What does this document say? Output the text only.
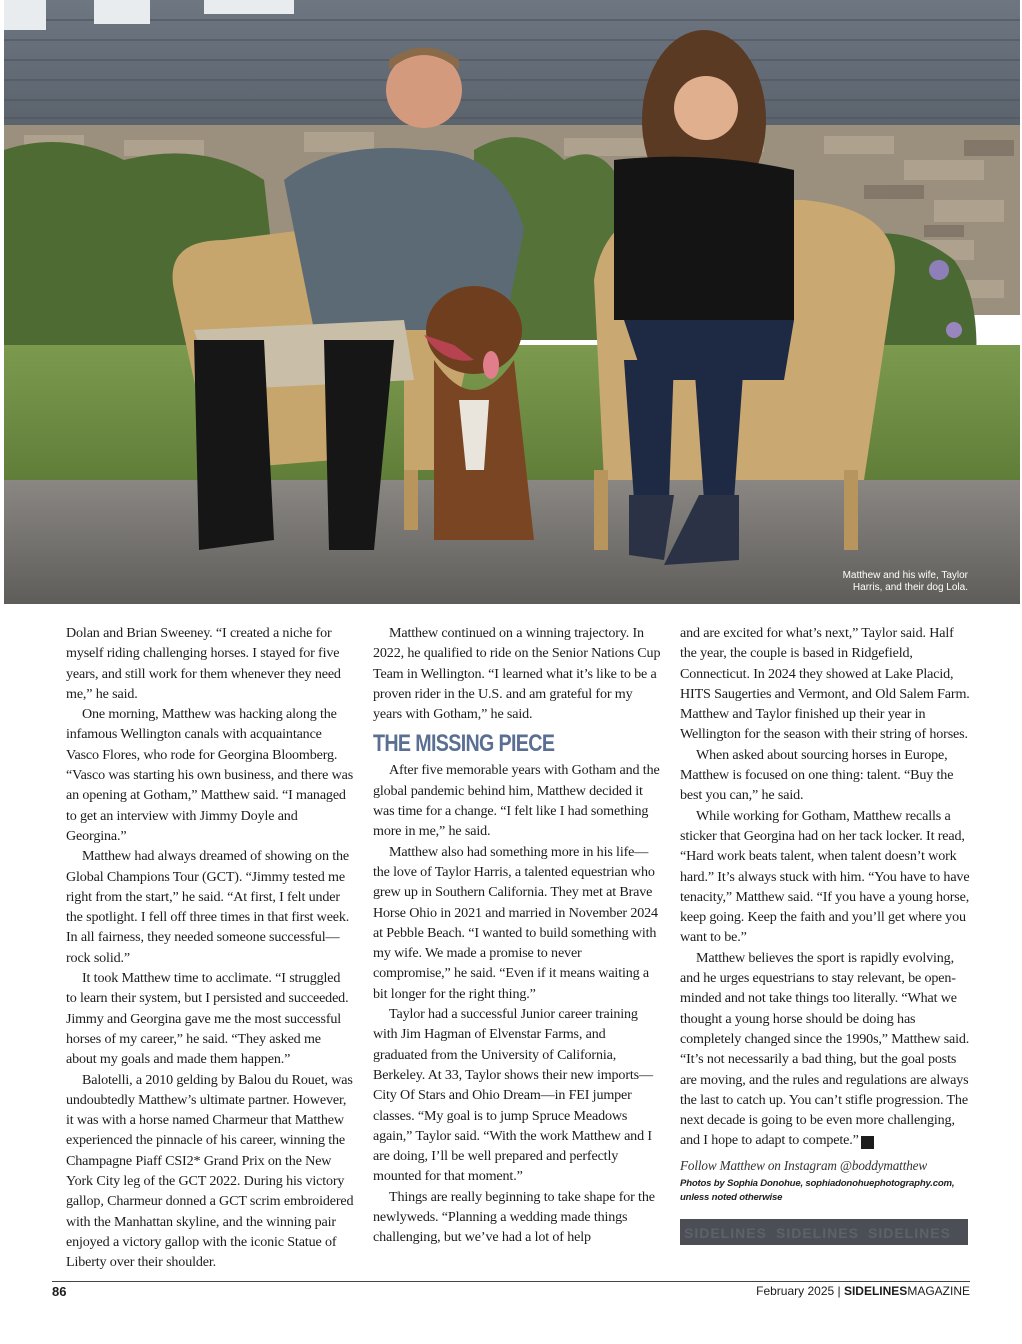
Matthew and his wife, Taylor Harris, and their dog Lola.

Dolan and Brian Sweeney. “I created a niche for myself riding challenging horses. I stayed for five years, and still work for them whenever they need me,” he said.

One morning, Matthew was hacking along the infamous Wellington canals with acquaintance Vasco Flores, who rode for Georgina Bloomberg. “Vasco was starting his own business, and there was an opening at Gotham,” Matthew said. “I managed to get an interview with Jimmy Doyle and Georgina.”

Matthew had always dreamed of showing on the Global Champions Tour (GCT). “Jimmy tested me right from the start,” he said. “At first, I felt under the spotlight. I fell off three times in that first week. In all fairness, they needed someone successful—rock solid.”

It took Matthew time to acclimate. “I struggled to learn their system, but I persisted and succeeded. Jimmy and Georgina gave me the most successful horses of my career,” he said. “They asked me about my goals and made them happen.”

Balotelli, a 2010 gelding by Balou du Rouet, was undoubtedly Matthew’s ultimate partner. However, it was with a horse named Charmeur that Matthew experienced the pinnacle of his career, winning the Champagne Piaff CSI2* Grand Prix on the New York City leg of the GCT 2022. During his victory gallop, Charmeur donned a GCT scrim embroidered with the Manhattan skyline, and the winning pair enjoyed a victory gallop with the iconic Statue of Liberty over their shoulder.

Matthew continued on a winning trajectory. In 2022, he qualified to ride on the Senior Nations Cup Team in Wellington. “I learned what it’s like to be a proven rider in the U.S. and am grateful for my years with Gotham,” he said.

THE MISSING PIECE

After five memorable years with Gotham and the global pandemic behind him, Matthew decided it was time for a change. “I felt like I had something more in me,” he said.

Matthew also had something more in his life—the love of Taylor Harris, a talented equestrian who grew up in Southern California. They met at Brave Horse Ohio in 2021 and married in November 2024 at Pebble Beach. “I wanted to build something with my wife. We made a promise to never compromise,” he said. “Even if it means waiting a bit longer for the right thing.”

Taylor had a successful Junior career training with Jim Hagman of Elvenstar Farms, and graduated from the University of California, Berkeley. At 33, Taylor shows their new imports—City Of Stars and Ohio Dream—in FEI jumper classes. “My goal is to jump Spruce Meadows again,” Taylor said. “With the work Matthew and I are doing, I’ll be well prepared and perfectly mounted for that moment.”

Things are really beginning to take shape for the newlyweds. “Planning a wedding made things challenging, but we’ve had a lot of help

and are excited for what’s next,” Taylor said. Half the year, the couple is based in Ridgefield, Connecticut. In 2024 they showed at Lake Placid, HITS Saugerties and Vermont, and Old Salem Farm. Matthew and Taylor finished up their year in Wellington for the season with their string of horses.

When asked about sourcing horses in Europe, Matthew is focused on one thing: talent. “Buy the best you can,” he said.

While working for Gotham, Matthew recalls a sticker that Georgina had on her tack locker. It read, “Hard work beats talent, when talent doesn’t work hard.” It’s always stuck with him. “You have to have tenacity,” Matthew said. “If you have a young horse, keep going. Keep the faith and you’ll get where you want to be.”

Matthew believes the sport is rapidly evolving, and he urges equestrians to stay relevant, be open-minded and not take things too literally. “What we thought a young horse should be doing has completely changed since the 1990s,” Matthew said. “It’s not necessarily a bad thing, but the goal posts are moving, and the rules and regulations are always the last to catch up. You can’t stifle progression. The next decade is going to be even more challenging, and I hope to adapt to compete.” S

Follow Matthew on Instagram @boddymatthew
Photos by Sophia Donohue, sophiadonohuephotography.com, unless noted otherwise
SIDELINES SIDELINES SIDELINES
86	February 2025 | SIDELINESMAGAZINE
